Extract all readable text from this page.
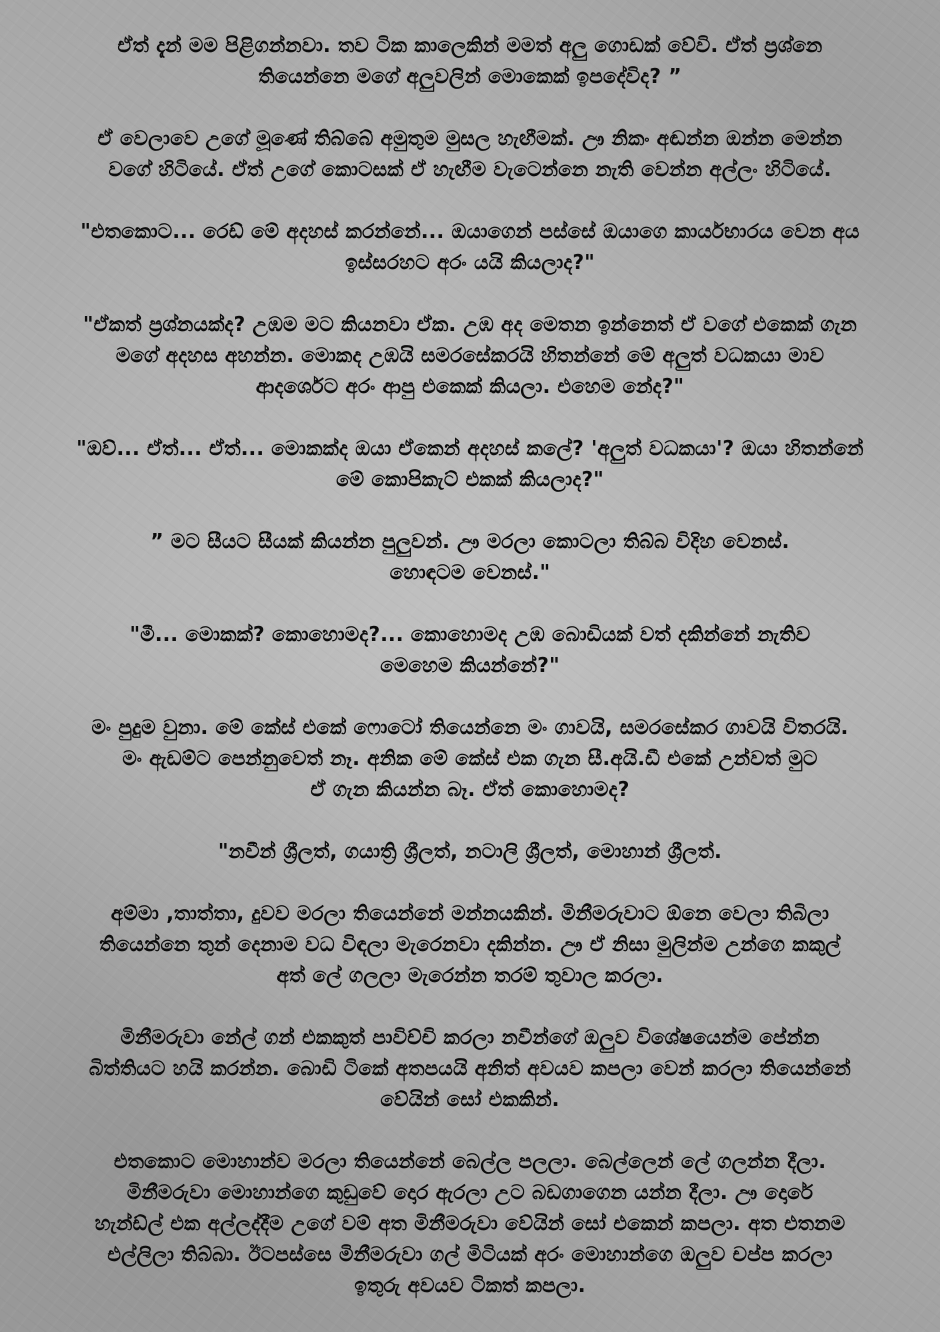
ඒත් දැන් මම පිළිගන්නවා. තව ටික කාලෙකින් මමත් අලු ගොඩක් වේවි. ඒත් ප්‍රශ්නෙ
තියෙන්නෙ මගේ අලුවලින් මොකෙක් ඉපදේවිද? ”

ඒ වෙලාවෙ උගේ මූණේ තිබ්බේ අමුතුම මුසල හැඟීමක්. ඌ නිකං අඬන්න ඔන්න මෙන්න
වගේ හිටියේ. ඒත් උගේ කොටසක් ඒ හැඟීම වැටෙන්නෙ නැති වෙන්න අල්ලං හිටියේ.

"එතකොට... රෙඩ් මේ අදහස් කරන්නේ... ඔයාගෙන් පස්සේ ඔයාගෙ කාර්යභාරය වෙන අය
ඉස්සරහට අරං යයි කියලාද?"

"ඒකත් ප්‍රශ්නයක්ද? උඹම මට කියනවා ඒක. උඹ අද මෙතන ඉන්නෙත් ඒ වගේ එකෙක් ගැන
මගේ අදහස අහන්න. මොකද උඹයි සමරසේකරයි හිතන්නේ මේ අලුත් වධකයා මාව
ආදර්ශෙට අරං ආපු එකෙක් කියලා. එහෙම නේද?"

"ඔව්... ඒත්... ඒත්... මොකක්ද ඔයා ඒකෙන් අදහස් කලේ? 'අලුත් වධකයා'? ඔයා හිතන්නේ
මේ කොපිකැට් එකක් කියලාද?"

” මට සීයට සීයක් කියන්න පුලුවන්. ඌ මරලා කොටලා තිබ්බ විදිහ වෙනස්.
හොඳටම වෙනස්."

"මී... මොකක්? කොහොමද?... කොහොමද උඹ බොඩියක් වත් දකින්නේ නැතිව
මෙහෙම කියන්නේ?"

මං පුදුම වුනා. මේ කේස් එකේ ෆොටෝ තියෙන්නෙ මං ගාවයි, සමරසේකර ගාවයි විතරයි.
මං ඇඩම්ට පෙන්නුවෙත් නෑ. අනික මේ කේස් එක ගැන සී.අයි.ඩී එකේ උන්වත් මුට
ඒ ගැන කියන්න බෑ. ඒත් කොහොමද?

"නවීන් ශ්‍රීලත්, ගයාත්‍රි ශ්‍රීලත්, නටාලි ශ්‍රීලත්, මොහාන් ශ්‍රීලත්.

අම්මා ,තාත්තා, දුවව මරලා තියෙන්නේ මන්නයකින්. මිනීමරුවාට ඕනෙ වෙලා තිබිලා
තියෙන්නෙ තුන් දෙනාම වධ විඳලා මැරෙනවා දකින්න. ඌ ඒ නිසා මුලින්ම උන්ගෙ කකුල්
අත් ලේ ගලලා මැරෙන්න තරම් තුවාල කරලා.

මිනීමරුවා නේල් ගන් එකකුත් පාවිච්චි කරලා නවීන්ගේ ඔලුව විශේෂයෙන්ම පේන්න
බිත්තියට හයි කරන්න. බොඩි ටිකේ අතපයයි අනිත් අවයව කපලා වෙන් කරලා තියෙන්නේ
වේයින් සෝ එකකින්.

එතකොට මොහාන්ව මරලා තියෙන්නේ බෙල්ල පලලා. බෙල්ලෙන් ලේ ගලන්න දීලා.
මිනීමරුවා මොහාන්ගෙ කුඩුවේ දොර ඇරලා උට බඩගාගෙන යන්න දීලා. ඌ දොරේ
හැන්ඩ්ල් එක අල්ලද්දීම උගේ වම් අත මිනීමරුවා වේයින් සෝ එකෙන් කපලා. අත එතනම
එල්ලිලා තිබ්බා. ඊටපස්සෙ මිනීමරුවා ගල් මිටියක් අරං මොහාන්ගෙ ඔලුව චප්ප කරලා
ඉතුරු අවයව ටිකත් කපලා.
